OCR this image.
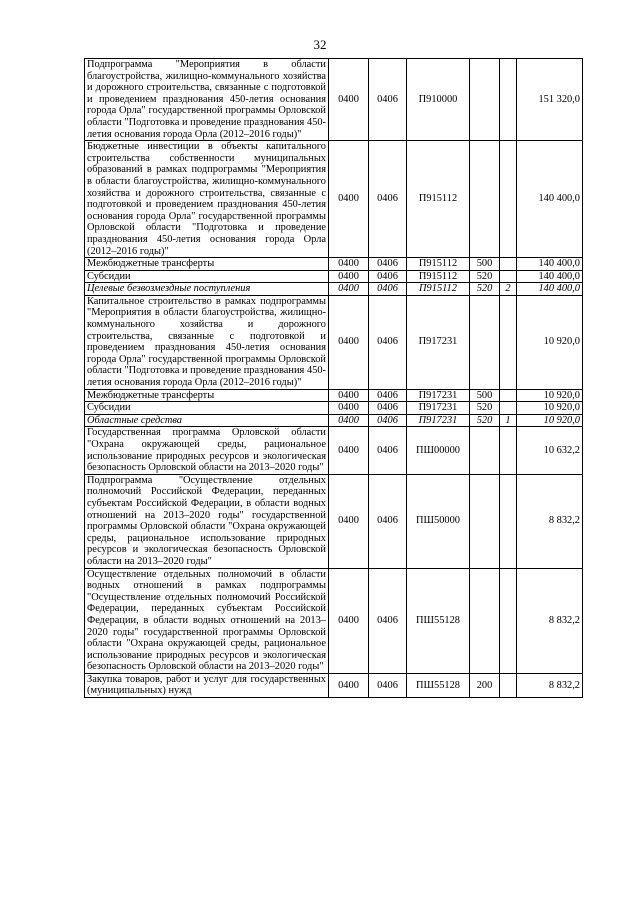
32
Подпрограмма "Мероприятия в области благоустройства, жилищно-коммунального хозяйства и дорожного строительства, связанные с подготовкой и проведением празднования 450-летия основания города Орла" государственной программы Орловской области "Подготовка и проведение празднования 450-летия основания города Орла (2012–2016 годы)"	0400	0406	П910000			151 320,0
Бюджетные инвестиции в объекты капитального строительства собственности муниципальных образований в рамках подпрограммы "Мероприятия в области благоустройства, жилищно-коммунального хозяйства и дорожного строительства, связанные с подготовкой и проведением празднования 450-летия основания города Орла" государственной программы Орловской области "Подготовка и проведение празднования 450-летия основания города Орла (2012–2016 годы)"	0400	0406	П915112			140 400,0
Межбюджетные трансферты	0400	0406	П915112	500		140 400,0
Субсидии	0400	0406	П915112	520		140 400,0
Целевые безвозмездные поступления	0400	0406	П915112	520	2	140 400,0
Капитальное строительство в рамках подпрограммы "Мероприятия в области благоустройства, жилищно-коммунального хозяйства и дорожного строительства, связанные с подготовкой и проведением празднования 450-летия основания города Орла" государственной программы Орловской области "Подготовка и проведение празднования 450-летия основания города Орла (2012–2016 годы)"	0400	0406	П917231			10 920,0
Межбюджетные трансферты	0400	0406	П917231	500		10 920,0
Субсидии	0400	0406	П917231	520		10 920,0
Областные средства	0400	0406	П917231	520	1	10 920,0
Государственная программа Орловской области "Охрана окружающей среды, рациональное использование природных ресурсов и экологическая безопасность Орловской области на 2013–2020 годы"	0400	0406	ПШ00000			10 632,2
Подпрограмма "Осуществление отдельных полномочий Российской Федерации, переданных субъектам Российской Федерации, в области водных отношений на 2013–2020 годы" государственной программы Орловской области "Охрана окружающей среды, рациональное использование природных ресурсов и экологическая безопасность Орловской области на 2013–2020 годы"	0400	0406	ПШ50000			8 832,2
Осуществление отдельных полномочий в области водных отношений в рамках подпрограммы "Осуществление отдельных полномочий Российской Федерации, переданных субъектам Российской Федерации, в области водных отношений на 2013–2020 годы" государственной программы Орловской области "Охрана окружающей среды, рациональное использование природных ресурсов и экологическая безопасность Орловской области на 2013–2020 годы"	0400	0406	ПШ55128			8 832,2
Закупка товаров, работ и услуг для государственных (муниципальных) нужд	0400	0406	ПШ55128	200		8 832,2
